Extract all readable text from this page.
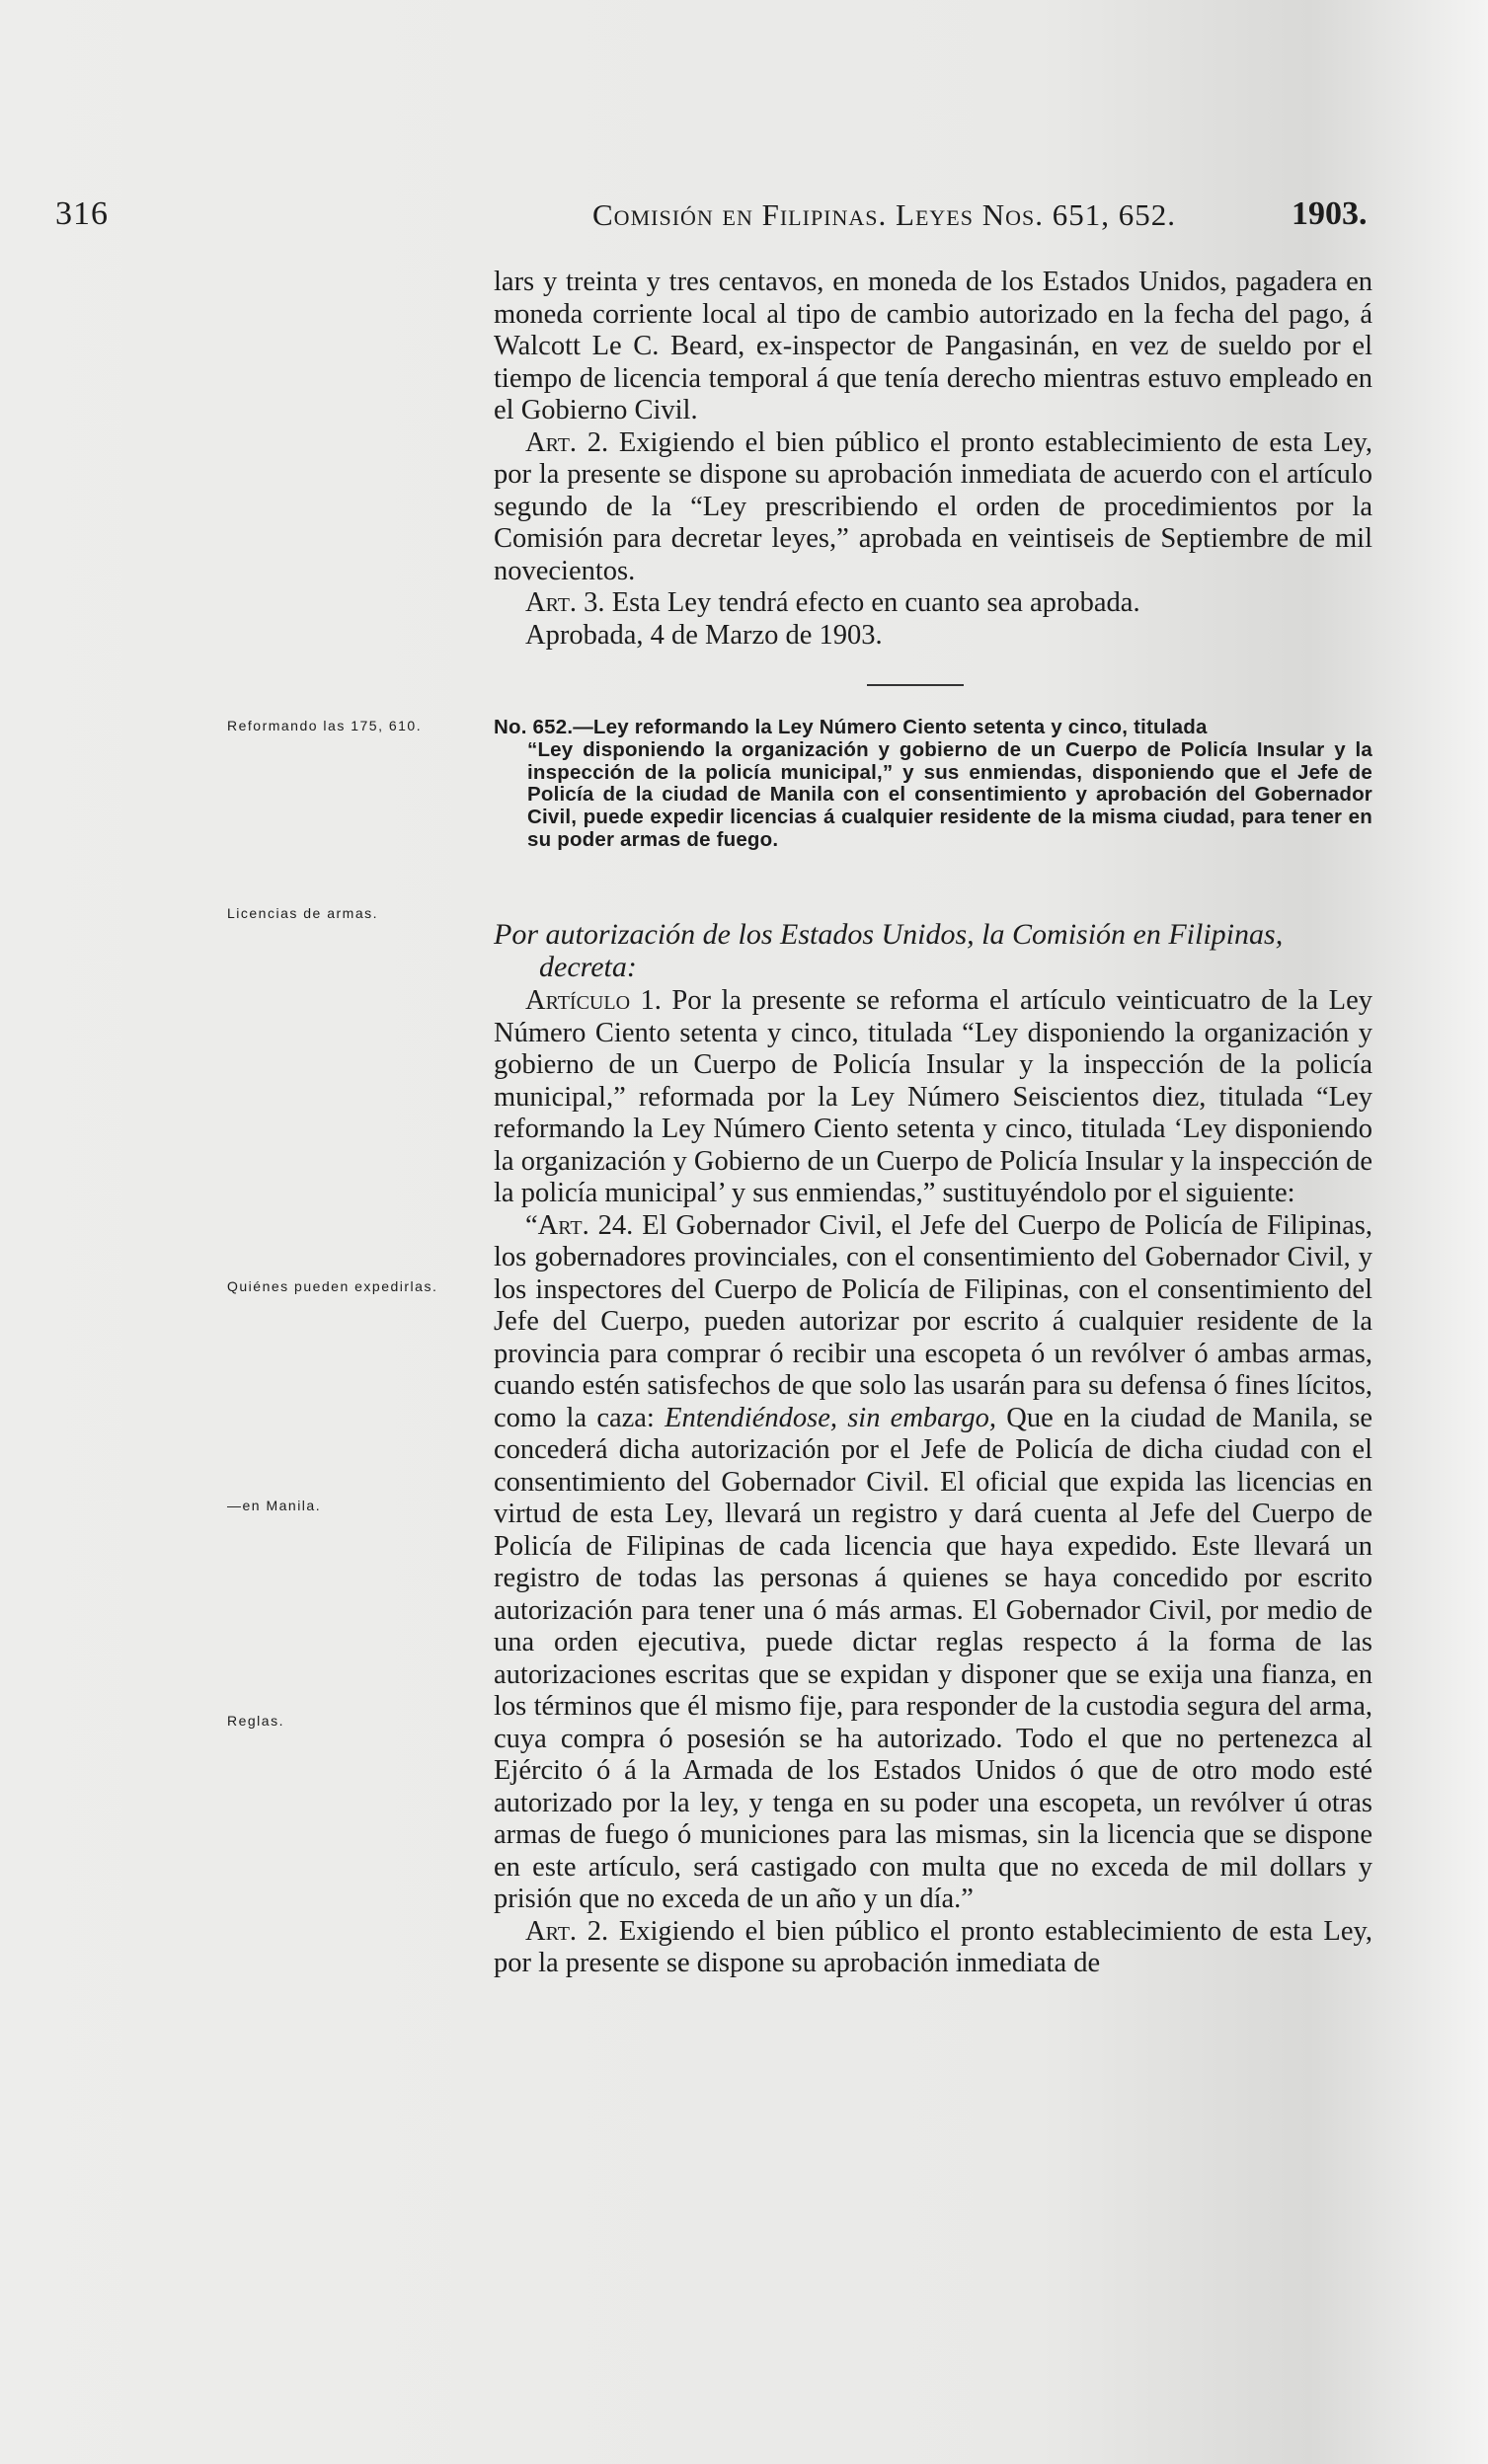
316	Comisión en Filipinas. Leyes Nos. 651, 652.	1903.

lars y treinta y tres centavos, en moneda de los Estados Unidos, pagadera en moneda corriente local al tipo de cambio autorizado en la fecha del pago, á Walcott Le C. Beard, ex-inspector de Pangasinán, en vez de sueldo por el tiempo de licencia temporal á que tenía derecho mientras estuvo empleado en el Gobierno Civil.

Art. 2. Exigiendo el bien público el pronto establecimiento de esta Ley, por la presente se dispone su aprobación inmediata de acuerdo con el artículo segundo de la “Ley prescribiendo el orden de procedimientos por la Comisión para decretar leyes,” aprobada en veintiseis de Septiembre de mil novecientos.

Art. 3. Esta Ley tendrá efecto en cuanto sea aprobada.

Aprobada, 4 de Marzo de 1903.

No. 652.—Ley reformando la Ley Número Ciento setenta y cinco, titulada
“Ley disponiendo la organización y gobierno de un Cuerpo de Policía Insular y la inspección de la policía municipal,” y sus enmiendas, disponiendo que el Jefe de Policía de la ciudad de Manila con el consentimiento y aprobación del Gobernador Civil, puede expedir licencias á cualquier residente de la misma ciudad, para tener en su poder armas de fuego.
Por autorización de los Estados Unidos, la Comisión en Filipinas,
decreta:

Artículo 1. Por la presente se reforma el artículo veinticuatro de la Ley Número Ciento setenta y cinco, titulada “Ley disponiendo la organización y gobierno de un Cuerpo de Policía Insular y la inspección de la policía municipal,” reformada por la Ley Número Seiscientos diez, titulada “Ley reformando la Ley Número Ciento setenta y cinco, titulada ‘Ley disponiendo la organización y Gobierno de un Cuerpo de Policía Insular y la inspección de la policía municipal’ y sus enmiendas,” sustituyéndolo por el siguiente:

“Art. 24. El Gobernador Civil, el Jefe del Cuerpo de Policía de Filipinas, los gobernadores provinciales, con el consentimiento del Gobernador Civil, y los inspectores del Cuerpo de Policía de Filipinas, con el consentimiento del Jefe del Cuerpo, pueden autorizar por escrito á cualquier residente de la provincia para comprar ó recibir una escopeta ó un revólver ó ambas armas, cuando estén satisfechos de que solo las usarán para su defensa ó fines lícitos, como la caza: Entendiéndose, sin embargo, Que en la ciudad de Manila, se concederá dicha autorización por el Jefe de Policía de dicha ciudad con el consentimiento del Gobernador Civil. El oficial que expida las licencias en virtud de esta Ley, llevará un registro y dará cuenta al Jefe del Cuerpo de Policía de Filipinas de cada licencia que haya expedido. Este llevará un registro de todas las personas á quienes se haya concedido por escrito autorización para tener una ó más armas. El Gobernador Civil, por medio de una orden ejecutiva, puede dictar reglas respecto á la forma de las autorizaciones escritas que se expidan y disponer que se exija una fianza, en los términos que él mismo fije, para responder de la custodia segura del arma, cuya compra ó posesión se ha autorizado. Todo el que no pertenezca al Ejército ó á la Armada de los Estados Unidos ó que de otro modo esté autorizado por la ley, y tenga en su poder una escopeta, un revólver ú otras armas de fuego ó municiones para las mismas, sin la licencia que se dispone en este artículo, será castigado con multa que no exceda de mil dollars y prisión que no exceda de un año y un día.”

Art. 2. Exigiendo el bien público el pronto establecimiento de esta Ley, por la presente se dispone su aprobación inmediata de

Reformando las 175, 610.
Licencias de armas.
Quiénes pueden expedirlas.
—en Manila.
Reglas.
